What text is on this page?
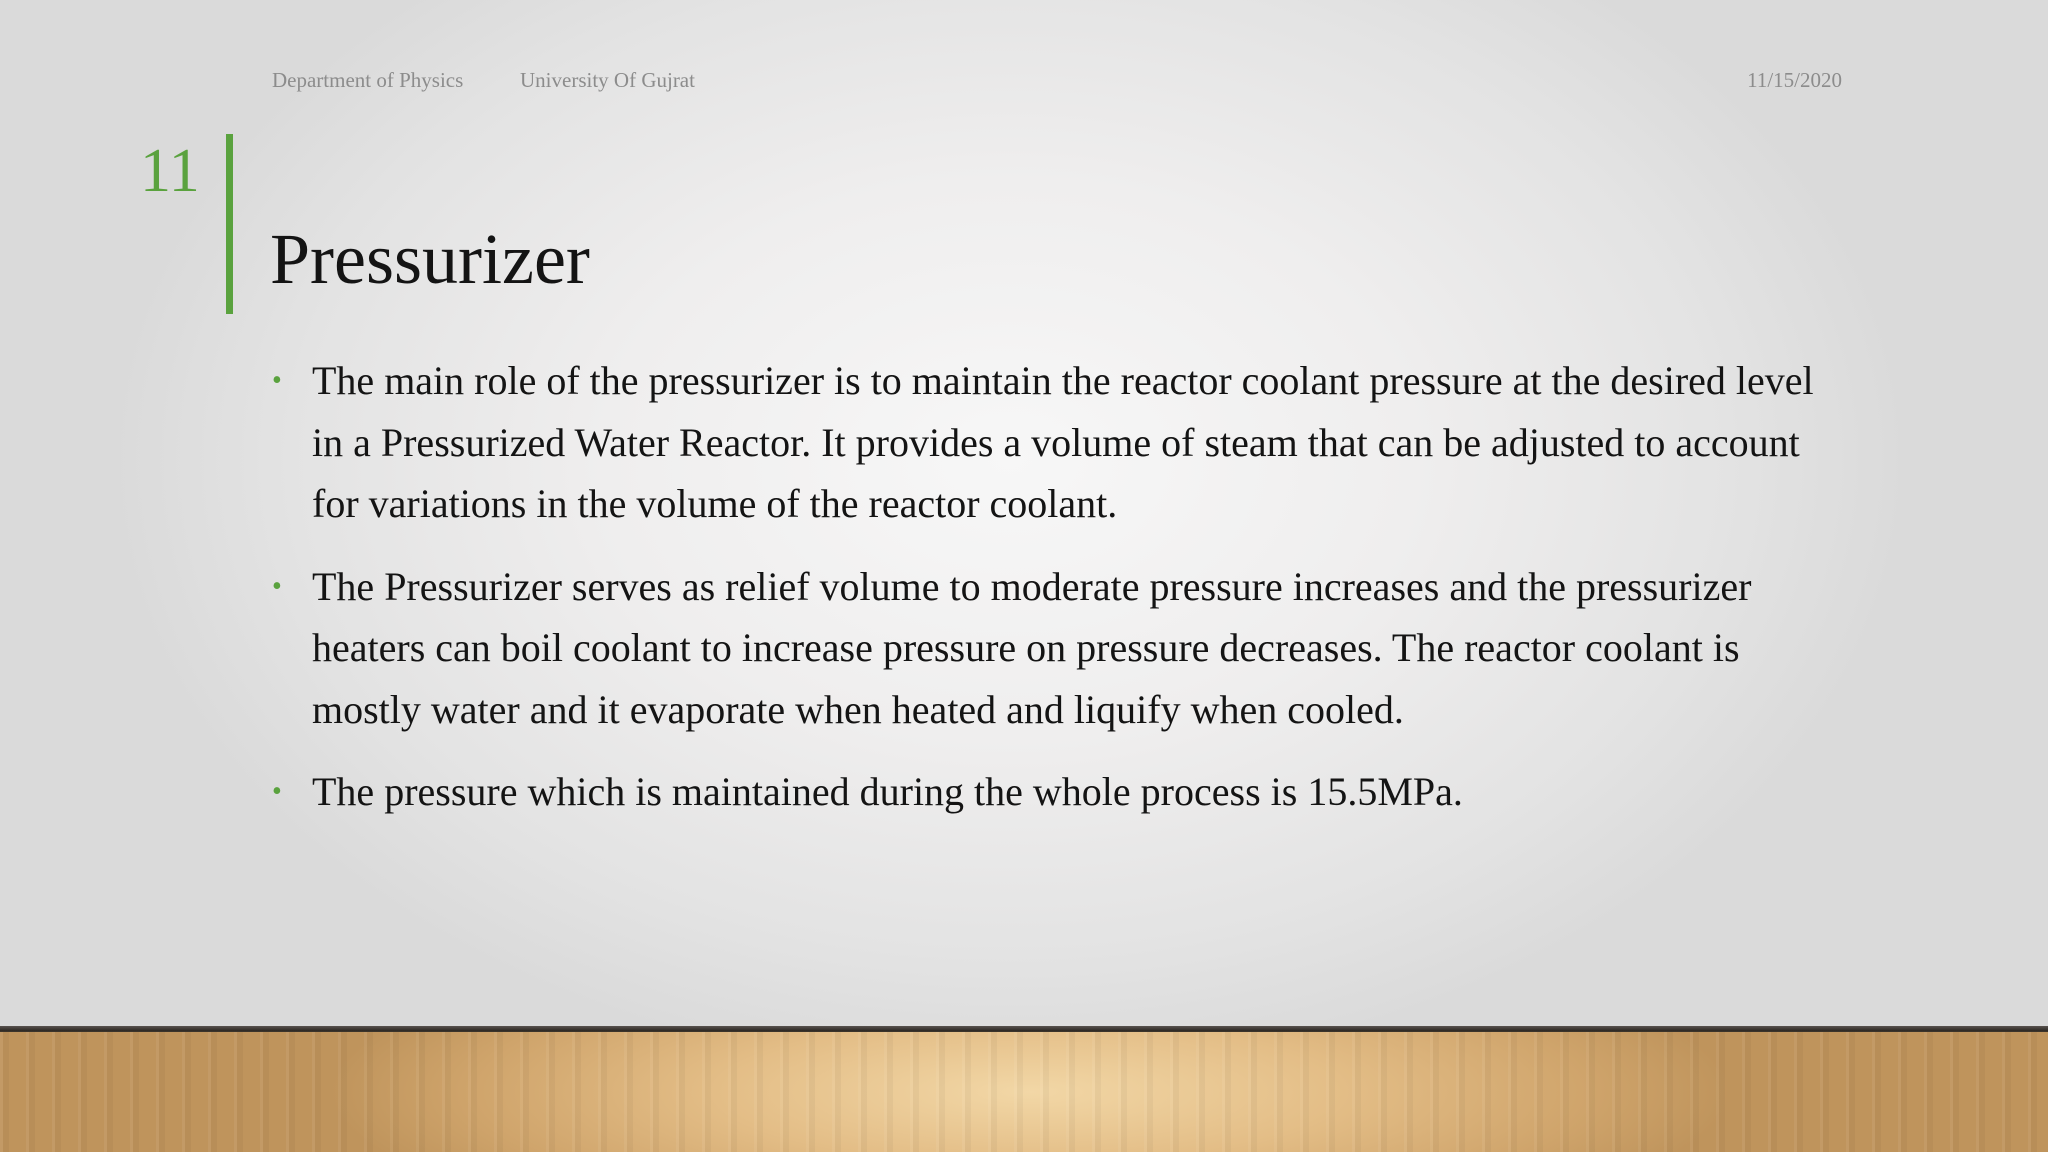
Department of Physics	University Of Gujrat	11/15/2020
11
Pressurizer
• The main role of the pressurizer is to maintain the reactor coolant pressure at the desired level in a Pressurized Water Reactor. It provides a volume of steam that can be adjusted to account for variations in the volume of the reactor coolant.
• The Pressurizer serves as relief volume to moderate pressure increases and the pressurizer heaters can boil coolant to increase pressure on pressure decreases. The reactor coolant is mostly water and it evaporate when heated and liquify when cooled.
• The pressure which is maintained during the whole process is 15.5MPa.
